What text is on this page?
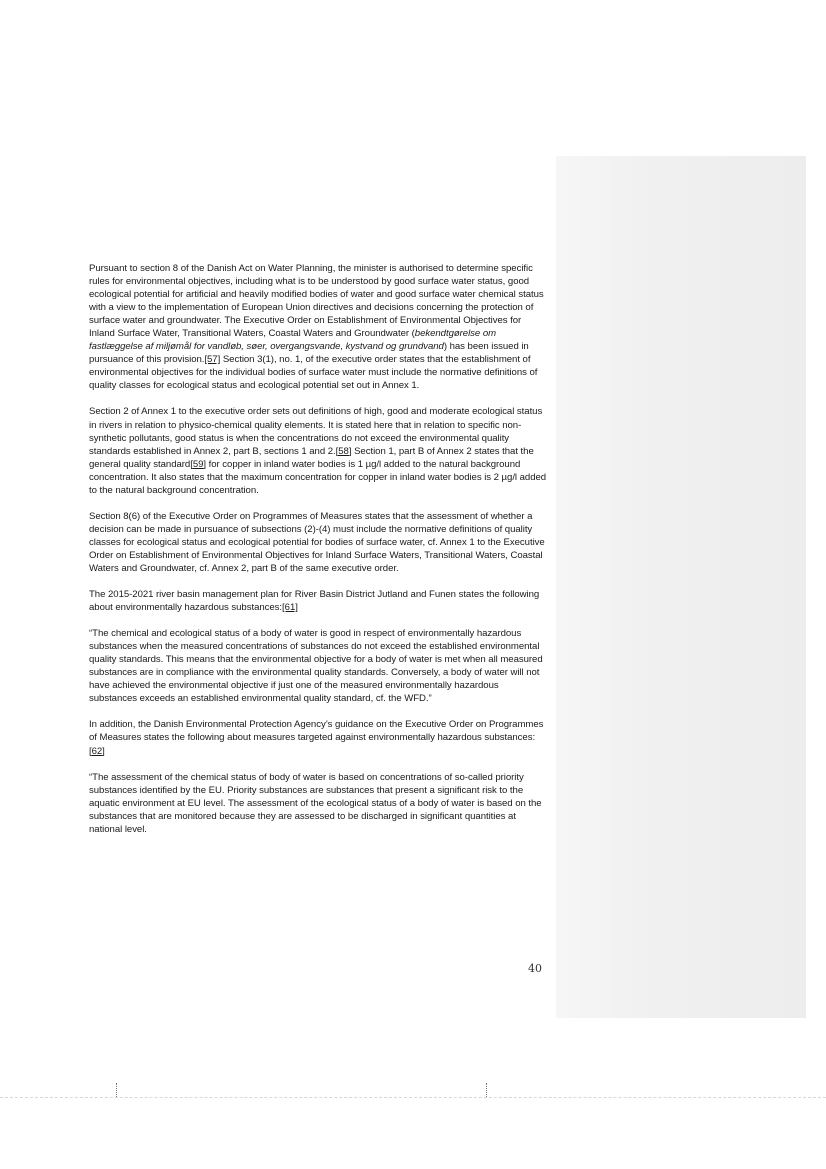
Pursuant to section 8 of the Danish Act on Water Planning, the minister is authorised to determine specific rules for environmental objectives, including what is to be understood by good surface water status, good ecological potential for artificial and heavily modified bodies of water and good surface water chemical status with a view to the implementation of European Union directives and decisions concerning the protection of surface water and groundwater. The Executive Order on Establishment of Environmental Objectives for Inland Surface Water, Transitional Waters, Coastal Waters and Groundwater (bekendtgørelse om fastlæggelse af miljømål for vandløb, søer, overgangsvande, kystvand og grundvand) has been issued in pursuance of this provision.[57] Section 3(1), no. 1, of the executive order states that the establishment of environmental objectives for the individual bodies of surface water must include the normative definitions of quality classes for ecological status and ecological potential set out in Annex 1.

Section 2 of Annex 1 to the executive order sets out definitions of high, good and moderate ecological status in rivers in relation to physico-chemical quality elements. It is stated here that in relation to specific non-synthetic pollutants, good status is when the concentrations do not exceed the environmental quality standards established in Annex 2, part B, sections 1 and 2.[58] Section 1, part B of Annex 2 states that the general quality standard[59] for copper in inland water bodies is 1 µg/l added to the natural background concentration. It also states that the maximum concentration for copper in inland water bodies is 2 µg/l added to the natural background concentration.

Section 8(6) of the Executive Order on Programmes of Measures states that the assessment of whether a decision can be made in pursuance of subsections (2)-(4) must include the normative definitions of quality classes for ecological status and ecological potential for bodies of surface water, cf. Annex 1 to the Executive Order on Establishment of Environmental Objectives for Inland Surface Waters, Transitional Waters, Coastal Waters and Groundwater, cf. Annex 2, part B of the same executive order.

The 2015-2021 river basin management plan for River Basin District Jutland and Funen states the following about environmentally hazardous substances:[61]

“The chemical and ecological status of a body of water is good in respect of environmentally hazardous substances when the measured concentrations of substances do not exceed the established environmental quality standards. This means that the environmental objective for a body of water is met when all measured substances are in compliance with the environmental quality standards. Conversely, a body of water will not have achieved the environmental objective if just one of the measured environmentally hazardous substances exceeds an established environmental quality standard, cf. the WFD.”

In addition, the Danish Environmental Protection Agency’s guidance on the Executive Order on Programmes of Measures states the following about measures targeted against environmentally hazardous substances:[62]

“The assessment of the chemical status of body of water is based on concentrations of so-called priority substances identified by the EU. Priority substances are substances that present a significant risk to the aquatic environment at EU level. The assessment of the ecological status of a body of water is based on the substances that are monitored because they are assessed to be discharged in significant quantities at national level.

40
